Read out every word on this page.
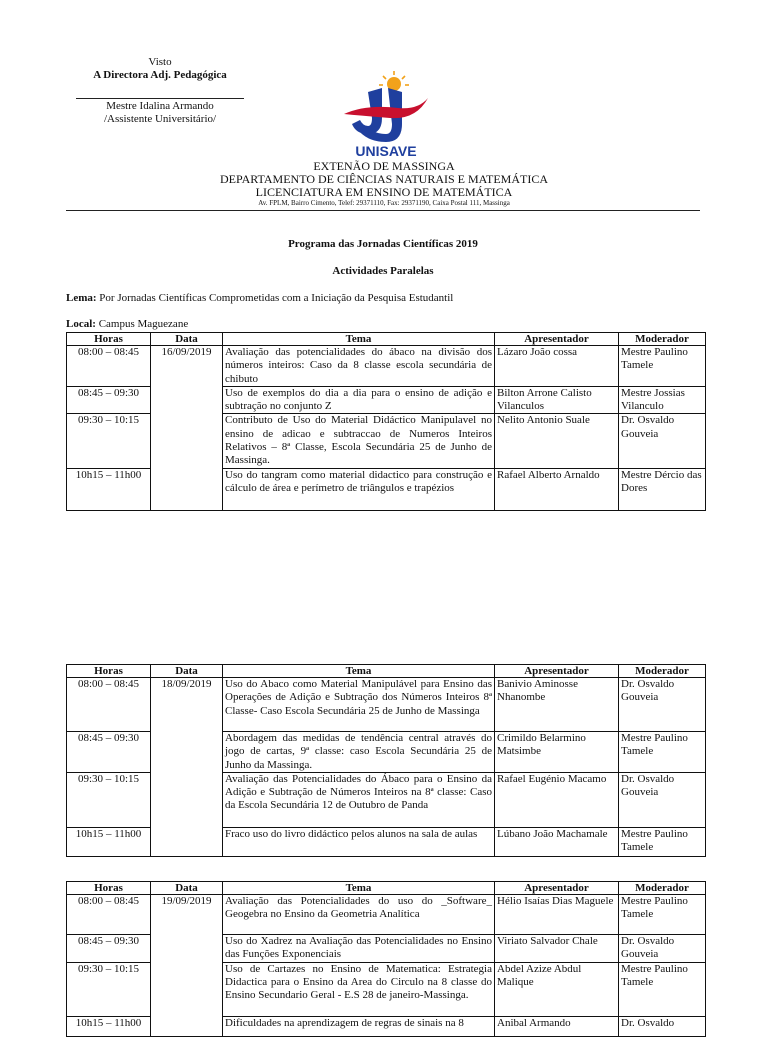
Visto
A Directora Adj. Pedagógica
Mestre Idalina Armando
/Assistente Universitário/
UNISAVE
EXTENÃO DE MASSINGA
DEPARTAMENTO DE CIÊNCIAS NATURAIS E MATEMÁTICA
LICENCIATURA EM ENSINO DE MATEMÁTICA
Av. FPLM, Bairro Cimento, Telef: 29371110, Fax: 29371190, Caixa Postal 111, Massinga
Programa das Jornadas Científicas 2019
Actividades Paralelas
Lema: Por Jornadas Científicas Comprometidas com a Iniciação da Pesquisa Estudantil
Local: Campus Maguezane
Horas	Data	Tema	Apresentador	Moderador
08:00 – 08:45	16/09/2019	Avaliação das potencialidades do ábaco na divisão dos números inteiros: Caso da 8 classe escola secundária de chibuto	Lázaro João cossa	Mestre Paulino Tamele
08:45 – 09:30		Uso de exemplos do dia a dia para o ensino de adição e subtração no conjunto Z	Bilton Arrone Calisto Vilanculos	Mestre Jossias Vilanculo
09:30 – 10:15		Contributo de Uso do Material Didáctico Manipulavel no ensino de adicao e subtraccao de Numeros Inteiros Relativos – 8ª Classe, Escola Secundária 25 de Junho de Massinga.	Nelito Antonio Suale	Dr. Osvaldo Gouveia
10h15 – 11h00		Uso do tangram como material didactico para construção e cálculo de área e perímetro de triângulos e trapézios	Rafael Alberto Arnaldo	Mestre Dércio das Dores
Horas	Data	Tema	Apresentador	Moderador
08:00 – 08:45	18/09/2019	Uso do Abaco como Material Manipulável para Ensino das Operações de Adição e Subtração dos Números Inteiros 8ª Classe- Caso Escola Secundária 25 de Junho de Massinga	Banivio Aminosse Nhanombe	Dr. Osvaldo Gouveia
08:45 – 09:30		Abordagem das medidas de tendência central através do jogo de cartas, 9ª classe: caso Escola Secundária 25 de Junho da Massinga.	Crimildo Belarmino Matsimbe	Mestre Paulino Tamele
09:30 – 10:15		Avaliação das Potencialidades do Ábaco para o Ensino da Adição e Subtração de Números Inteiros na 8ª classe: Caso da Escola Secundária 12 de Outubro de Panda	Rafael Eugénio Macamo	Dr. Osvaldo Gouveia
10h15 – 11h00		Fraco uso do livro didáctico pelos alunos na sala de aulas	Lúbano João Machamale	Mestre Paulino Tamele
Horas	Data	Tema	Apresentador	Moderador
08:00 – 08:45	19/09/2019	Avaliação das Potencialidades do uso do _Software_ Geogebra no Ensino da Geometria Analítica	Hélio Isaías Dias Maguele	Mestre Paulino Tamele
08:45 – 09:30		Uso do Xadrez na Avaliação das Potencialidades no Ensino das Funções Exponenciais	Viriato Salvador Chale	Dr. Osvaldo Gouveia
09:30 – 10:15		Uso de Cartazes no Ensino de Matematica: Estrategia Didactica para o Ensino da Area do Circulo na 8 classe do Ensino Secundario Geral - E.S 28 de janeiro-Massinga.	Abdel Azize Abdul Malique	Mestre Paulino Tamele
10h15 – 11h00		Dificuldades na aprendizagem de regras de sinais na 8	Anibal Armando	Dr. Osvaldo
